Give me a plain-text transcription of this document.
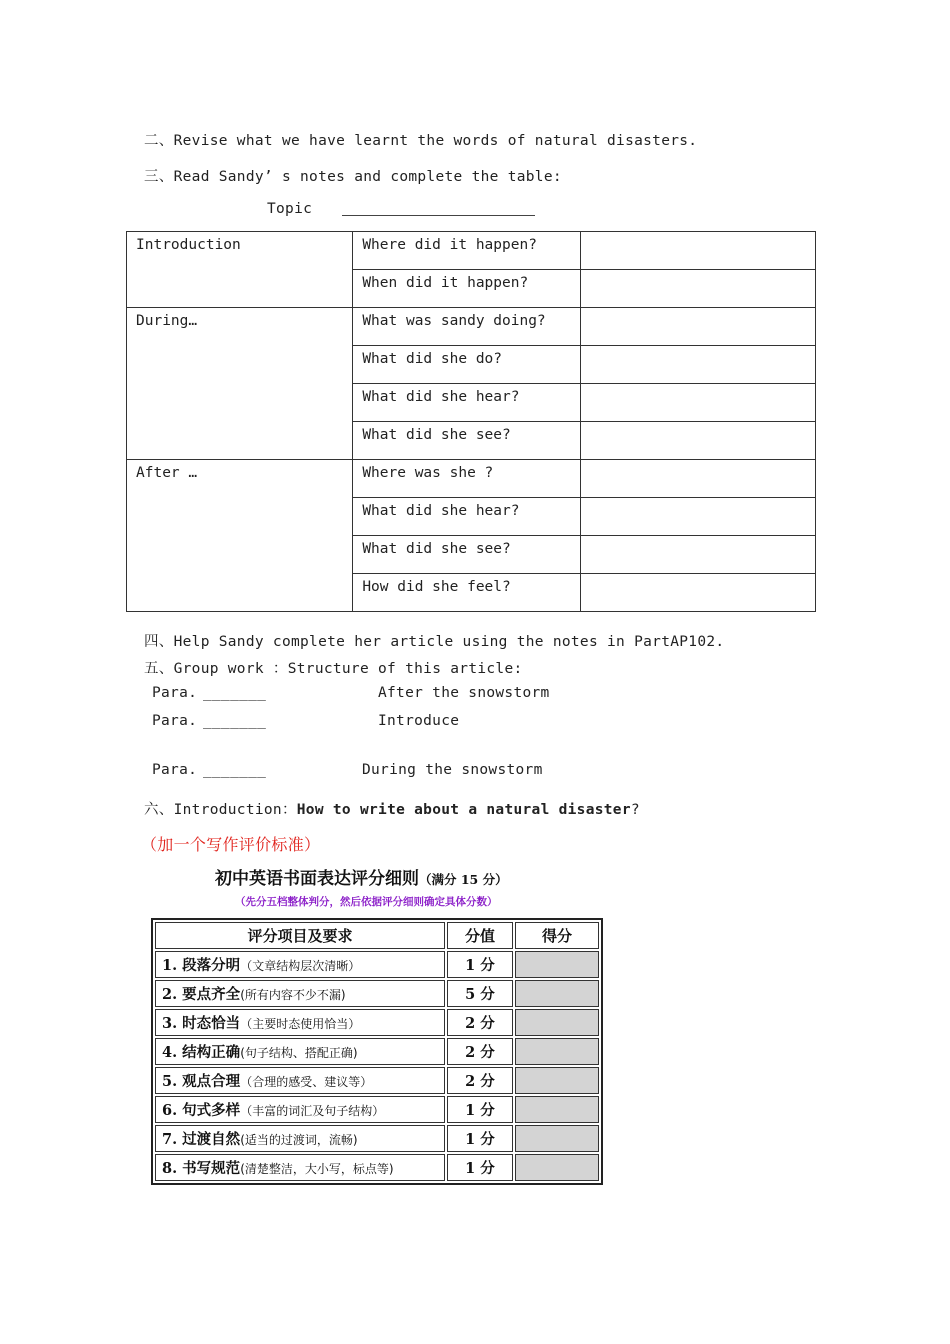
二、Revise what we have learnt the words of natural disasters.
三、Read Sandy’ s notes and complete the table:
Topic
Introduction	Where did it happen?	
	When did it happen?	
During…	What was sandy doing?	
	What did she do?	
	What did she hear?	
	What did she see?	
After …	Where was she ?	
	What did she hear?	
	What did she see?	
	How did she feel?	
四、Help Sandy complete her article using the notes in PartAP102.
五、Group work ：Structure of this article:
Para. _______	After the snowstorm
Para. _______	Introduce
Para. _______	During the snowstorm
六、Introduction：How to write about a natural disaster?
（加一个写作评价标准）
初中英语书面表达评分细则（满分 15 分）
（先分五档整体判分，然后依据评分细则确定具体分数）
评分项目及要求	分值	得分
1. 段落分明（文章结构层次清晰）	1 分	
2. 要点齐全(所有内容不少不漏)	5 分	
3. 时态恰当（主要时态使用恰当）	2 分	
4. 结构正确(句子结构、搭配正确)	2 分	
5. 观点合理（合理的感受、建议等）	2 分	
6. 句式多样（丰富的词汇及句子结构）	1 分	
7. 过渡自然(适当的过渡词，流畅)	1 分	
8. 书写规范(清楚整洁，大小写，标点等)	1 分	
